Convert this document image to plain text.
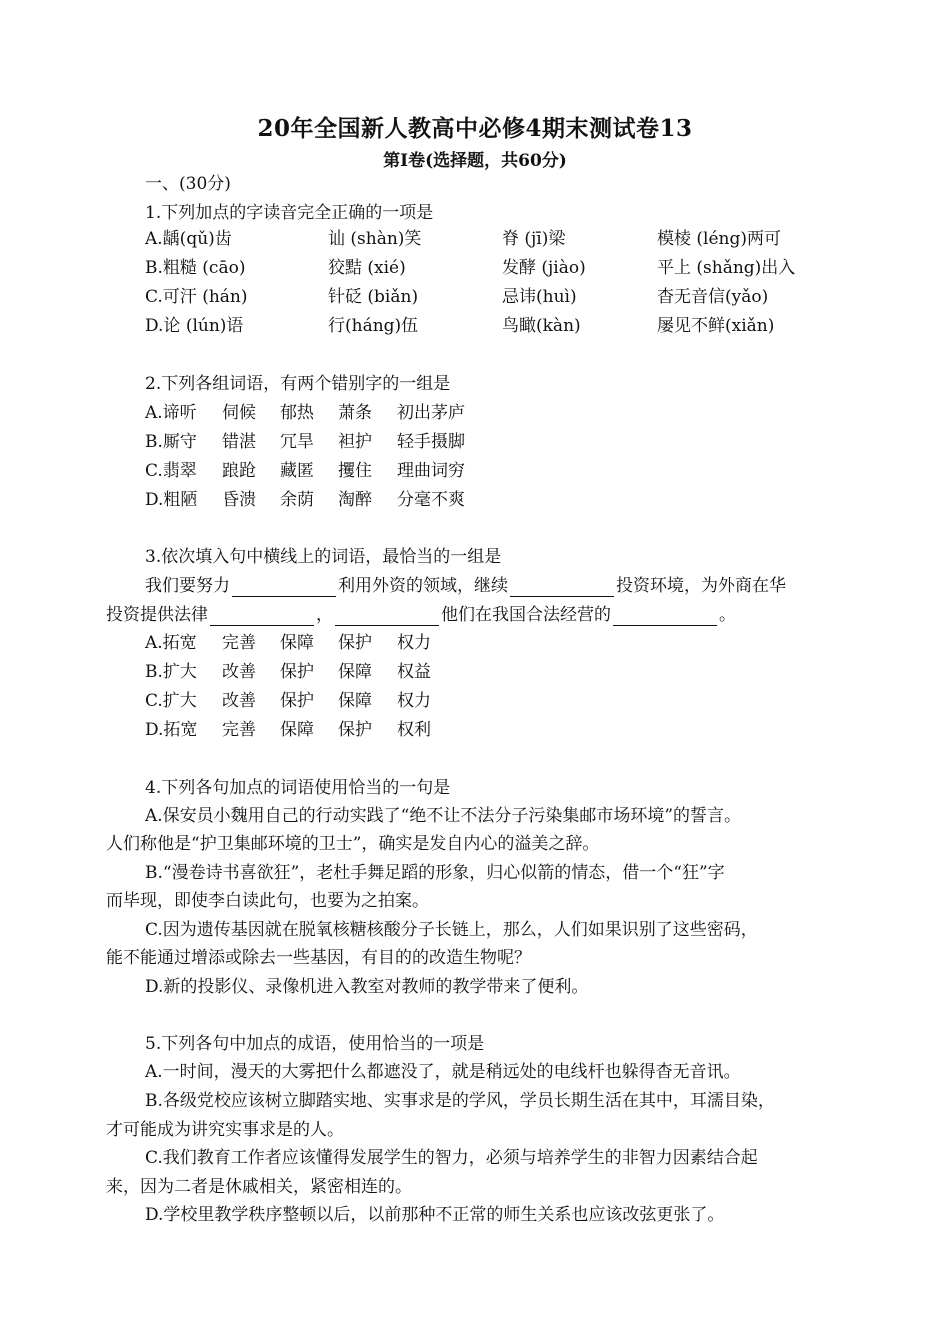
20年全国新人教高中必修4期末测试卷13
第Ⅰ卷(选择题，共60分)
一、(30分)
1.下列加点的字读音完全正确的一项是
A.龋(qǔ)齿	讪 (shàn)笑	脊 (jī)梁	模棱 (léng)两可
B.粗糙 (cāo)	狡黠 (xié)	发酵 (jiào)	平上 (shǎng)出入
C.可汗 (hán)	针砭 (biǎn)	忌讳(huì)	杳无音信(yǎo)
D.论 (lún)语	行(háng)伍	鸟瞰(kàn)	屡见不鲜(xiǎn)
2.下列各组词语，有两个错别字的一组是
A.谛听 伺候 郁热 萧条 初出茅庐
B.厮守 错湛 冗旱 袒护 轻手摄脚
C.翡翠 踉跄 藏匿 攫住 理曲词穷
D.粗陋 昏溃 余荫 淘醉 分毫不爽
3.依次填入句中横线上的词语，最恰当的一组是
我们要努力	利用外资的领域，继续	投资环境，为外商在华
投资提供法律	，	他们在我国合法经营的	。
A.拓宽 完善 保障 保护 权力
B.扩大 改善 保护 保障 权益
C.扩大 改善 保护 保障 权力
D.拓宽 完善 保障 保护 权利
4.下列各句加点的词语使用恰当的一句是
A.保安员小魏用自己的行动实践了“绝不让不法分子污染集邮市场环境”的誓言。
人们称他是“护卫集邮环境的卫士”，确实是发自内心的溢美之辞。
B.“漫卷诗书喜欲狂”，老杜手舞足蹈的形象，归心似箭的情态，借一个“狂”字
而毕现，即使李白读此句，也要为之拍案。
C.因为遗传基因就在脱氧核糖核酸分子长链上，那么，人们如果识别了这些密码，
能不能通过增添或除去一些基因，有目的的改造生物呢？
D.新的投影仪、录像机进入教室对教师的教学带来了便利。
5.下列各句中加点的成语，使用恰当的一项是
A.一时间，漫天的大雾把什么都遮没了，就是稍远处的电线杆也躲得杳无音讯。
B.各级党校应该树立脚踏实地、实事求是的学风，学员长期生活在其中，耳濡目染，
才可能成为讲究实事求是的人。
C.我们教育工作者应该懂得发展学生的智力，必须与培养学生的非智力因素结合起
来，因为二者是休戚相关，紧密相连的。
D.学校里教学秩序整顿以后，以前那种不正常的师生关系也应该改弦更张了。
